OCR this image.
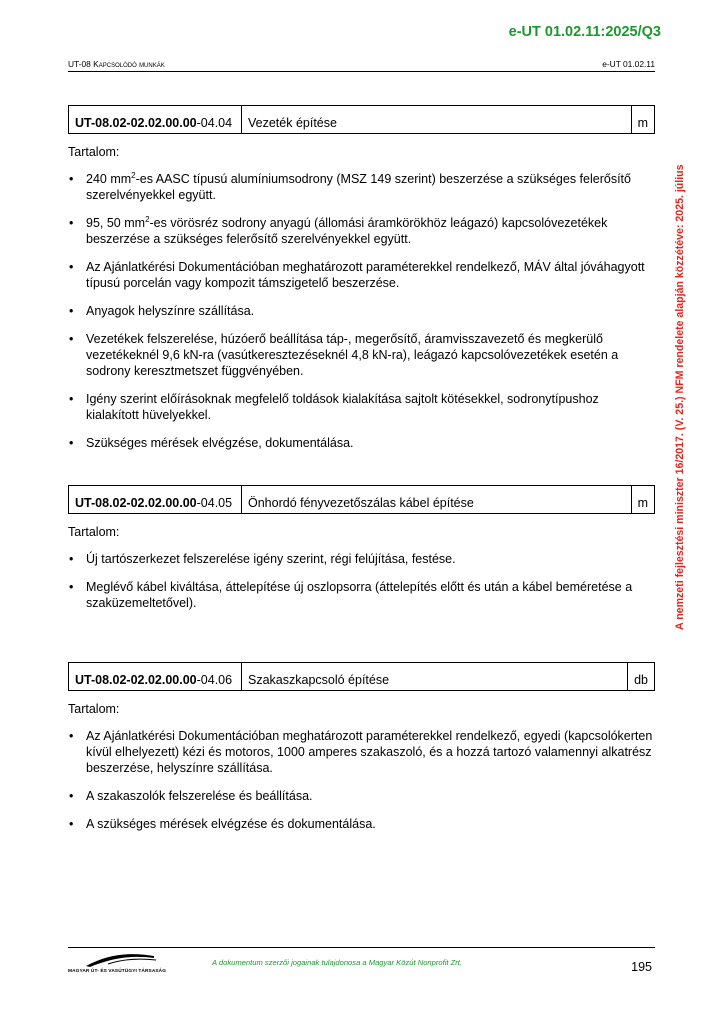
e-UT 01.02.11:2025/Q3
UT-08 Kapcsolódó munkák	e-UT 01.02.11
A nemzeti fejlesztési miniszter 16/2017. (V. 25.) NFM rendelete alapján közzétéve: 2025. július
UT-08.02-02.02.00.00-04.04	Vezeték építése	m
Tartalom:
• 240 $mm^2-es$ AASC típusú alumíniumsodrony (MSZ 149 szerint) beszerzése a szükséges felerősítő szerelvényekkel együtt.
• 95, 50 $mm^2-es$ vörösréz sodrony anyagú (állomási áramkörökhöz leágazó) kapcsolóvezetékek beszerzése a szükséges felerősítő szerelvényekkel együtt.
• Az Ajánlatkérési Dokumentációban meghatározott paraméterekkel rendelkező, MÁV által jóváhagyott típusú porcelán vagy kompozit támszigetelő beszerzése.
• Anyagok helyszínre szállítása.
• Vezetékek felszerelése, húzóerő beállítása táp-, megerősítő, áramvisszavezető és megkerülő vezetékeknél 9,6 kN-ra (vasútkeresztezéseknél 4,8 kN-ra), leágazó kapcsolóvezetékek esetén a sodrony keresztmetszet függvényében.
• Igény szerint előírásoknak megfelelő toldások kialakítása sajtolt kötésekkel, sodronytípushoz kialakított hüvelyekkel.
• Szükséges mérések elvégzése, dokumentálása.
UT-08.02-02.02.00.00-04.05	Önhordó fényvezetőszálas kábel építése	m
Tartalom:
• Új tartószerkezet felszerelése igény szerint, régi felújítása, festése.
• Meglévő kábel kiváltása, áttelepítése új oszlopsorra (áttelepítés előtt és után a kábel beméretése a szaküzemeltetővel).
UT-08.02-02.02.00.00-04.06	Szakaszkapcsoló építése	db
Tartalom:
• Az Ajánlatkérési Dokumentációban meghatározott paraméterekkel rendelkező, egyedi (kapcsolókerten kívül elhelyezett) kézi és motoros, 1000 amperes szakaszoló, és a hozzá tartozó valamennyi alkatrész beszerzése, helyszínre szállítása.
• A szakaszolók felszerelése és beállítása.
• A szükséges mérések elvégzése és dokumentálása.
MAGYAR ÚT- ÉS VASÚTÜGYI TÁRSASÁG
A dokumentum szerzői jogainak tulajdonosa a Magyar Közút Nonprofit Zrt.	195
